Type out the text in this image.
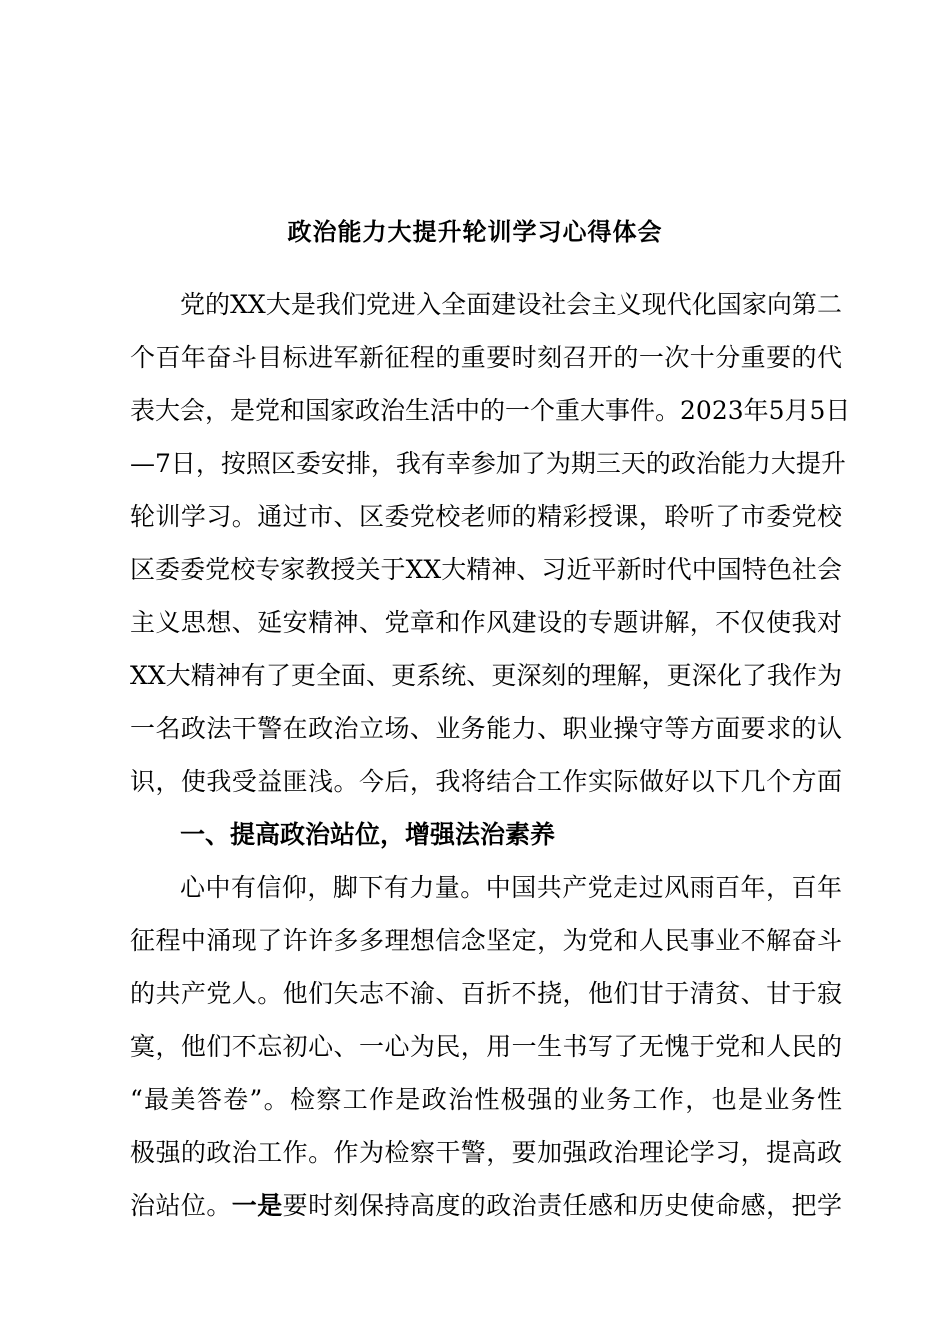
政治能力大提升轮训学习心得体会
党的XX大是我们党进入全面建设社会主义现代化国家向第二
个百年奋斗目标进军新征程的重要时刻召开的一次十分重要的代
表大会，是党和国家政治生活中的一个重大事件。2023年5月5日
—7日，按照区委安排，我有幸参加了为期三天的政治能力大提升
轮训学习。通过市、区委党校老师的精彩授课，聆听了市委党校
区委委党校专家教授关于XX大精神、习近平新时代中国特色社会
主义思想、延安精神、党章和作风建设的专题讲解，不仅使我对
XX大精神有了更全面、更系统、更深刻的理解，更深化了我作为
一名政法干警在政治立场、业务能力、职业操守等方面要求的认
识，使我受益匪浅。今后，我将结合工作实际做好以下几个方面
一、提高政治站位，增强法治素养
心中有信仰，脚下有力量。中国共产党走过风雨百年，百年
征程中涌现了许许多多理想信念坚定，为党和人民事业不解奋斗
的共产党人。他们矢志不渝、百折不挠，他们甘于清贫、甘于寂
寞，他们不忘初心、一心为民，用一生书写了无愧于党和人民的
“最美答卷”。检察工作是政治性极强的业务工作，也是业务性
极强的政治工作。作为检察干警，要加强政治理论学习，提高政
治站位。一是要时刻保持高度的政治责任感和历史使命感，把学
